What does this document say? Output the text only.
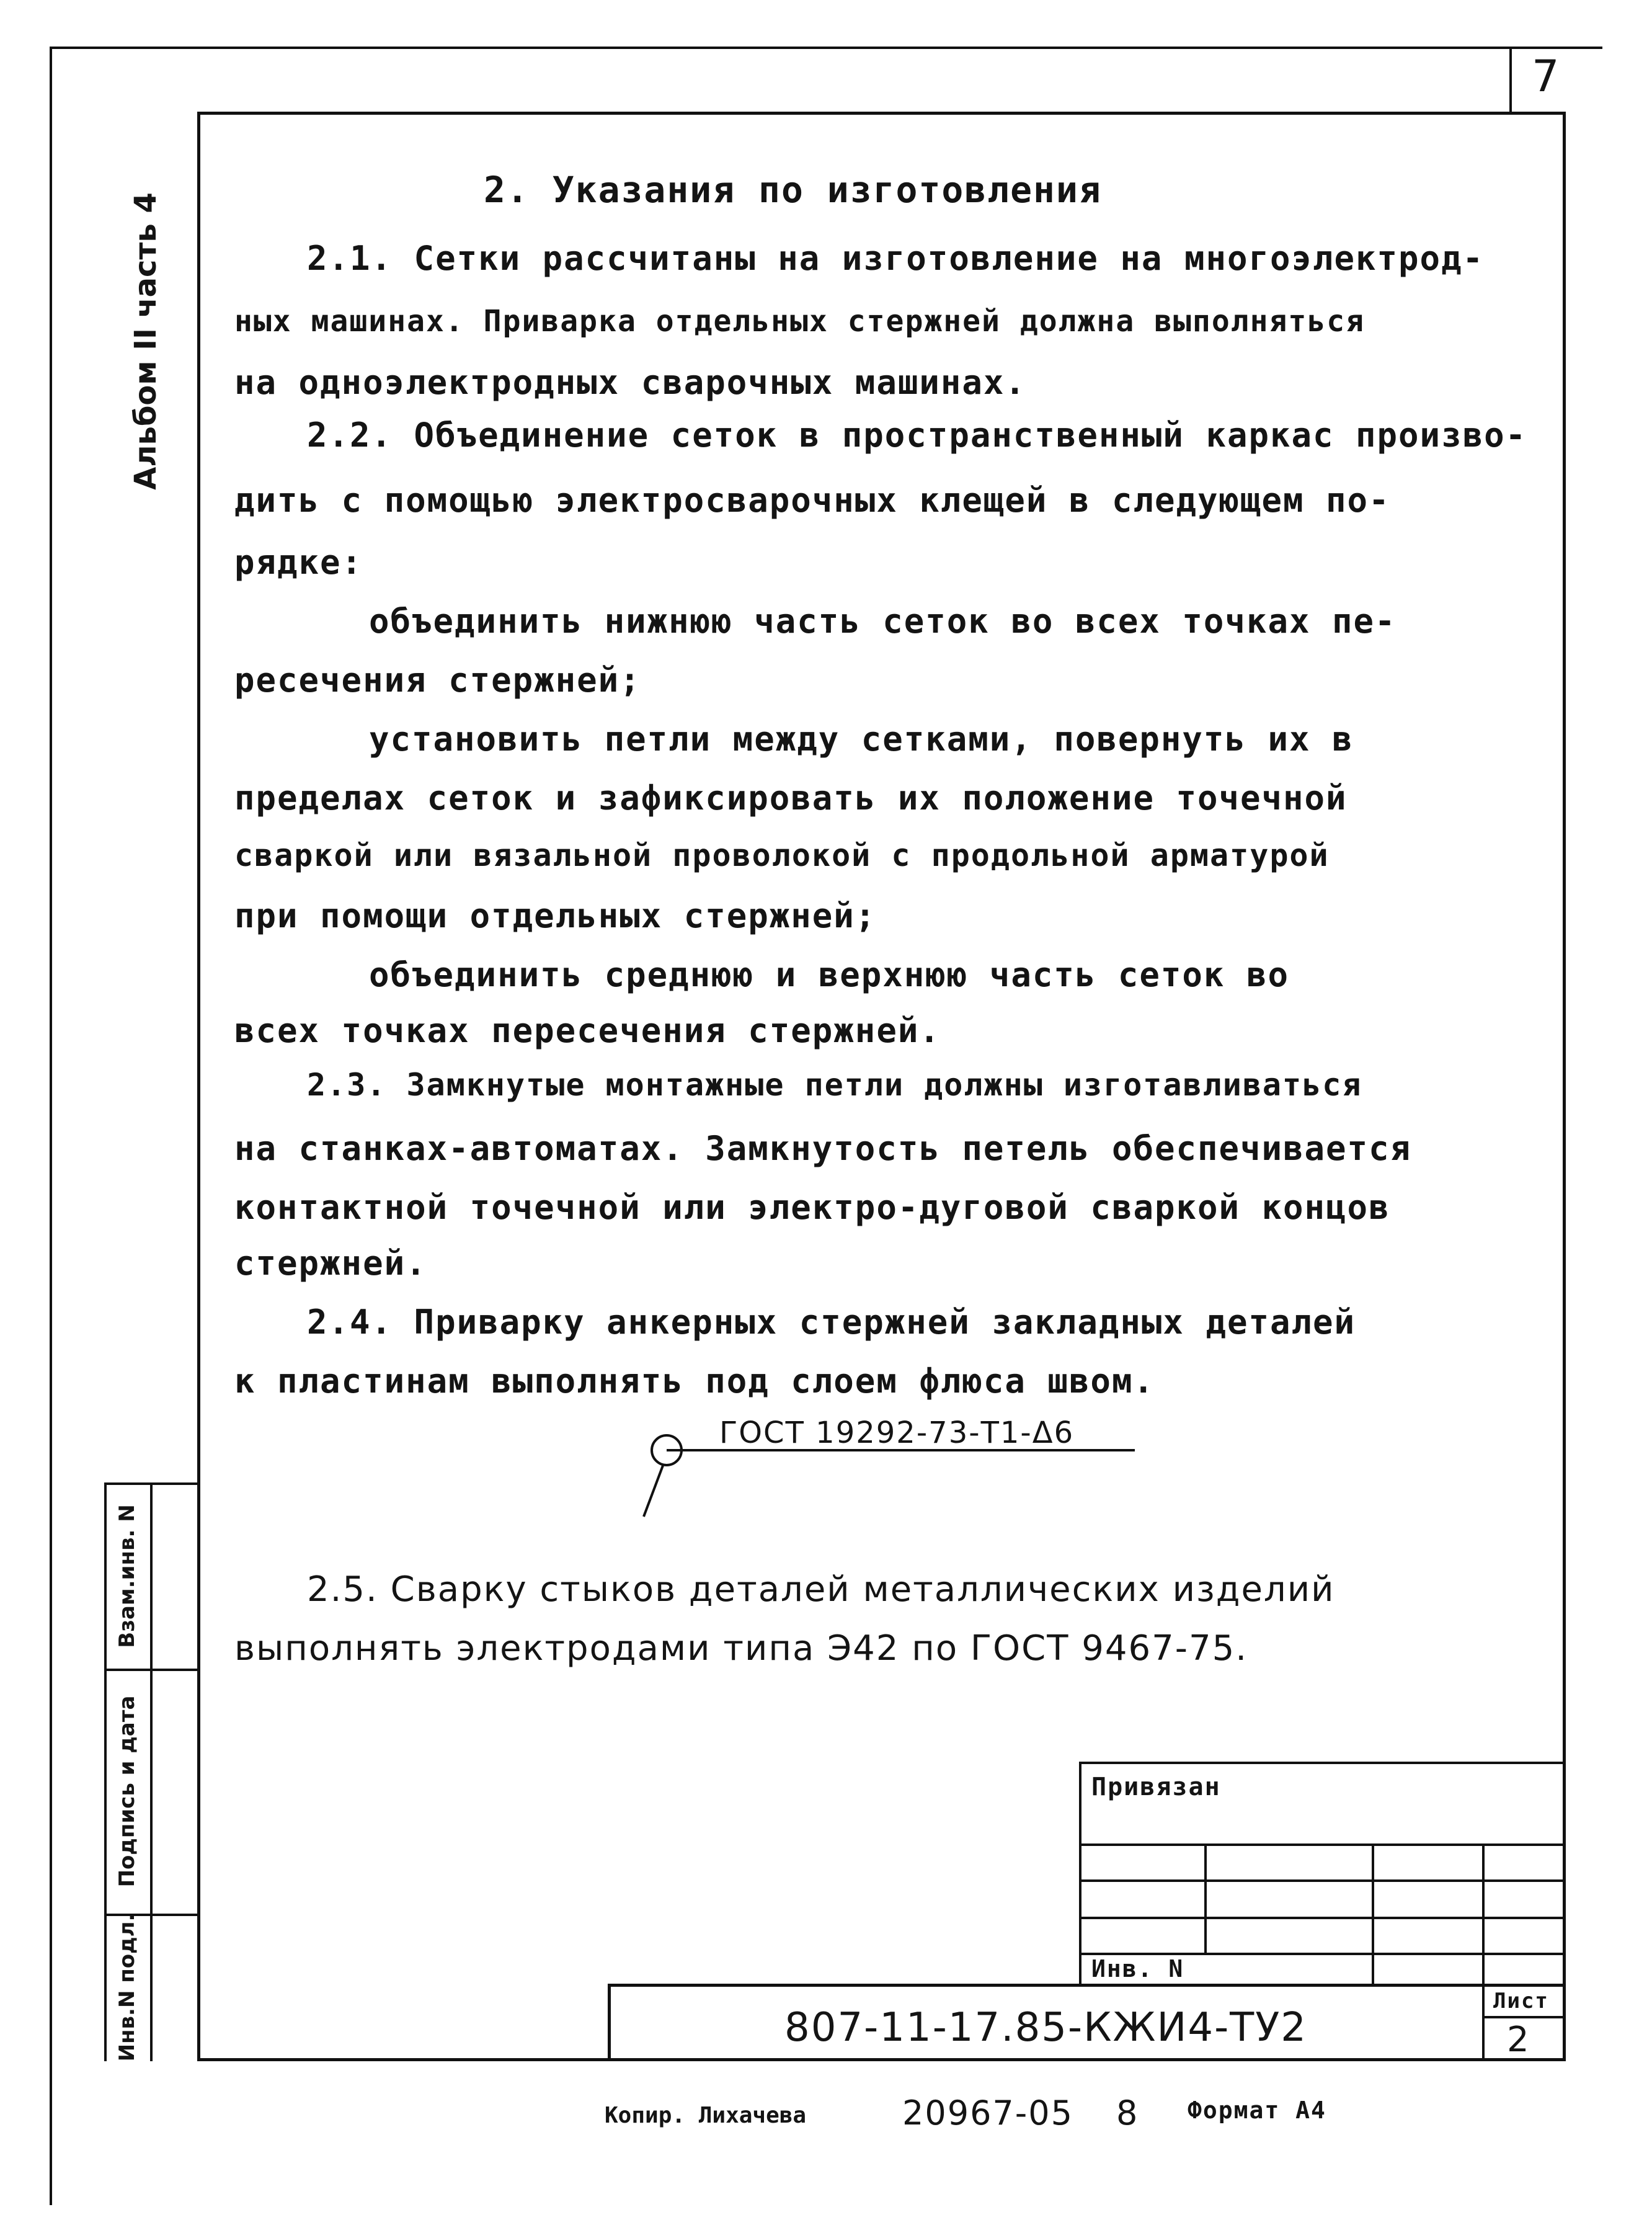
7
Альбом II часть 4
Взам.инв. N
Подпись и дата
Инв.N подл.
2. Указания по изготовления
2.1. Сетки рассчитаны на изготовление на многоэлектрод-
ных машинах. Приварка отдельных стержней должна выполняться
на одноэлектродных сварочных машинах.
2.2. Объединение сеток в пространственный каркас произво-
дить с помощью электросварочных клещей в следующем по-
рядке:
объединить нижнюю часть сеток во всех точках пе-
ресечения стержней;
установить петли между сетками, повернуть их в
пределах сеток и зафиксировать их положение точечной
сваркой или вязальной проволокой с продольной арматурой
при помощи отдельных стержней;
объединить среднюю и верхнюю часть сеток во
всех точках пересечения стержней.
2.3. Замкнутые монтажные петли должны изготавливаться
на станках-автоматах. Замкнутость петель обеспечивается
контактной точечной или электро-дуговой сваркой концов
стержней.
2.4. Приварку анкерных стержней закладных деталей
к пластинам выполнять под слоем флюса швом.
ГОСТ 19292-73-Т1-Δ6
2.5. Сварку стыков деталей металлических изделий
выполнять электродами типа Э42 по ГОСТ 9467-75.
Привязан
Инв. N
807-11-17.85-КЖИ4-ТУ2
Лист
2
Копир. Лихачева	20967-05 8 Формат А4
